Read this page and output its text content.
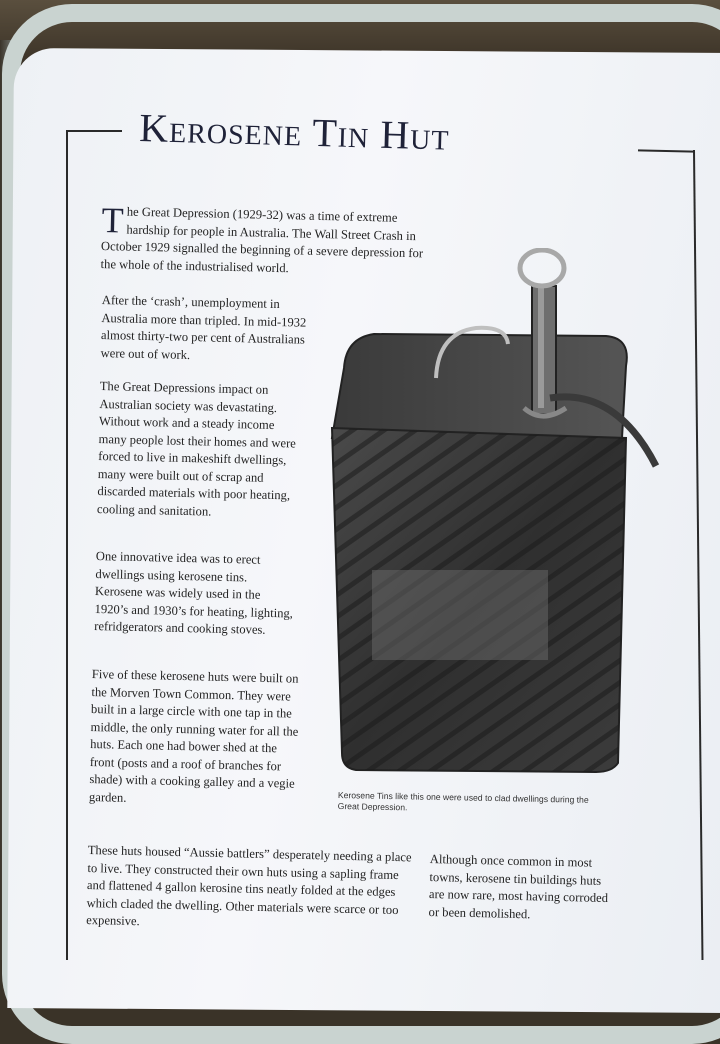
Kerosene Tin Hut
The Great Depression (1929-32) was a time of extreme hardship for people in Australia. The Wall Street Crash in October 1929 signalled the beginning of a severe depression for the whole of the industrialised world.
After the ‘crash’, unemployment in Australia more than tripled. In mid-1932 almost thirty-two per cent of Australians were out of work.
The Great Depressions impact on Australian society was devastating. Without work and a steady income many people lost their homes and were forced to live in makeshift dwellings, many were built out of scrap and discarded materials with poor heating, cooling and sanitation.
One innovative idea was to erect dwellings using kerosene tins. Kerosene was widely used in the 1920’s and 1930’s for heating, lighting, refridgerators and cooking stoves.
Five of these kerosene huts were built on the Morven Town Common. They were built in a large circle with one tap in the middle, the only running water for all the huts. Each one had bower shed at the front (posts and a roof of branches for shade) with a cooking galley and a vegie garden.
These huts housed “Aussie battlers” desperately needing a place to live. They constructed their own huts using a sapling frame and flattened 4 gallon kerosine tins neatly folded at the edges which claded the dwelling. Other materials were scarce or too expensive.
Although once common in most towns, kerosene tin buildings huts are now rare, most having corroded or been demolished.
Kerosene Tins like this one were used to clad dwellings during the Great Depression.
